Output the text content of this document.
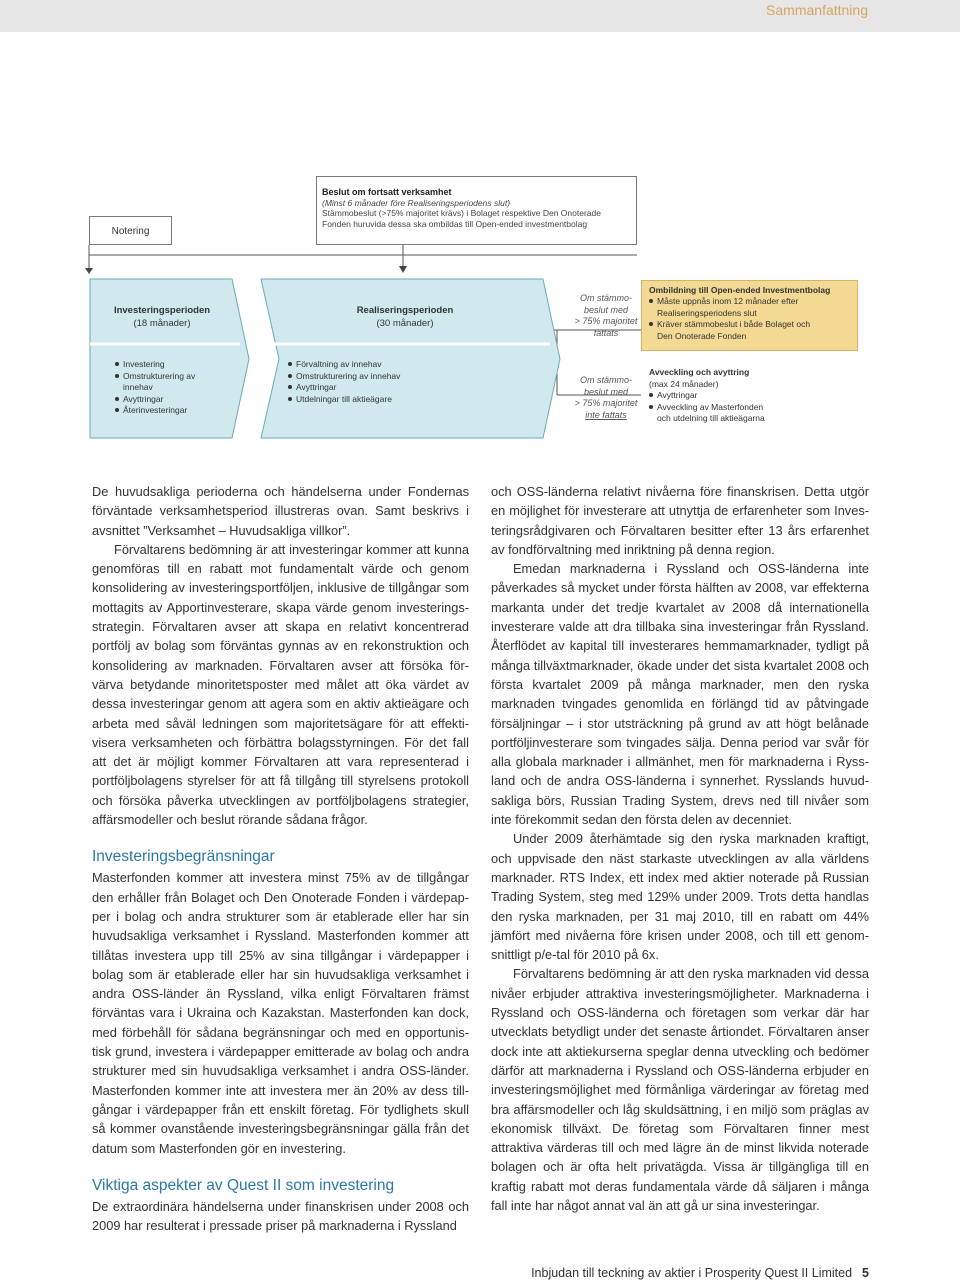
Sammanfattning
Notering
Beslut om fortsatt verksamhet
(Minst 6 månader före Realiseringsperiodens slut)
Stämmobeslut (>75% majoritet krävs) i Bolaget respektive Den Onoterade
Fonden huruvida dessa ska ombildas till Open-ended investmentbolag
Investeringsperioden
(18 månader)
Investering
Omstrukturering av
innehav
Avyttringar
Återinvesteringar
Realiseringsperioden
(30 månader)
Förvaltning av innehav
Omstrukturering av innehav
Avyttringar
Utdelningar till aktieägare
Om stämmo-
beslut med
> 75% majoritet
fattats
Om stämmo-
beslut med
> 75% majoritet
inte fattats
Ombildning till Open-ended Investmentbolag
Måste uppnås inom 12 månader efter
Realiseringsperiodens slut
Kräver stämmobeslut i både Bolaget och
Den Onoterade Fonden
Avveckling och avyttring
(max 24 månader)
Avyttringar
Avveckling av Masterfonden
och utdelning till aktieägarna

De huvudsakliga perioderna och händelserna under Fondernas förväntade verksamhetsperiod illustreras ovan. Samt beskrivs i avsnittet ”Verksamhet – Huvudsakliga villkor”.

Förvaltarens bedömning är att investeringar kommer att kunna genomföras till en rabatt mot fundamentalt värde och genom konsolidering av investeringsportföljen, inklusive de tillgångar som mottagits av Apportinvesterare, skapa värde genom investeringsstrategin. Förvaltaren avser att skapa en relativt koncentrerad portfölj av bolag som förväntas gynnas av en rekonstruktion och konsolidering av marknaden. Förvaltaren avser att försöka förvärva betydande minoritetsposter med målet att öka värdet av dessa investeringar genom att agera som en aktiv aktieägare och arbeta med såväl ledningen som majoritetsägare för att effektivisera verksamheten och förbättra bolagsstyrningen. För det fall att det är möjligt kommer Förvaltaren att vara representerad i portföljbolagens styrelser för att få tillgång till styrelsens protokoll och försöka påverka utvecklingen av portföljbolagens strategier, affärsmodeller och beslut rörande sådana frågor.

Investeringsbegränsningar

Masterfonden kommer att investera minst 75% av de tillgångar den erhåller från Bolaget och Den Onoterade Fonden i värdepapper i bolag och andra strukturer som är etablerade eller har sin huvudsakliga verksamhet i Ryssland. Masterfonden kommer att tillåtas investera upp till 25% av sina tillgångar i värdepapper i bolag som är etablerade eller har sin huvudsakliga verksamhet i andra OSS-länder än Ryssland, vilka enligt Förvaltaren främst förväntas vara i Ukraina och Kazakstan. Masterfonden kan dock, med förbehåll för sådana begränsningar och med en opportunistisk grund, investera i värdepapper emitterade av bolag och andra strukturer med sin huvudsakliga verksamhet i andra OSS-länder. Masterfonden kommer inte att investera mer än 20% av dess tillgångar i värdepapper från ett enskilt företag. För tydlighets skull så kommer ovanstående investeringsbegränsningar gälla från det datum som Masterfonden gör en investering.

Viktiga aspekter av Quest II som investering

De extraordinära händelserna under finanskrisen under 2008 och 2009 har resulterat i pressade priser på marknaderna i Ryssland

och OSS-länderna relativt nivåerna före finanskrisen. Detta utgör en möjlighet för investerare att utnyttja de erfarenheter som Investeringsrådgivaren och Förvaltaren besitter efter 13 års erfarenhet av fondförvaltning med inriktning på denna region.

Emedan marknaderna i Ryssland och OSS-länderna inte påverkades så mycket under första hälften av 2008, var effekterna markanta under det tredje kvartalet av 2008 då internationella investerare valde att dra tillbaka sina investeringar från Ryssland. Återflödet av kapital till investerares hemmamarknader, tydligt på många tillväxtmarknader, ökade under det sista kvartalet 2008 och första kvartalet 2009 på många marknader, men den ryska marknaden tvingades genomlida en förlängd tid av påtvingade försäljningar – i stor utsträckning på grund av att högt belånade portföljinvesterare som tvingades sälja. Denna period var svår för alla globala marknader i allmänhet, men för marknaderna i Ryssland och de andra OSS-länderna i synnerhet. Rysslands huvudsakliga börs, Russian Trading System, drevs ned till nivåer som inte förekommit sedan den första delen av decenniet.

Under 2009 återhämtade sig den ryska marknaden kraftigt, och uppvisade den näst starkaste utvecklingen av alla världens marknader. RTS Index, ett index med aktier noterade på Russian Trading System, steg med 129% under 2009. Trots detta handlas den ryska marknaden, per 31 maj 2010, till en rabatt om 44% jämfört med nivåerna före krisen under 2008, och till ett genomsnittligt p/e-tal för 2010 på 6x.

Förvaltarens bedömning är att den ryska marknaden vid dessa nivåer erbjuder attraktiva investeringsmöjligheter. Marknaderna i Ryssland och OSS-länderna och företagen som verkar där har utvecklats betydligt under det senaste årtiondet. Förvaltaren anser dock inte att aktiekurserna speglar denna utveckling och bedömer därför att marknaderna i Ryssland och OSS-länderna erbjuder en investeringsmöjlighet med förmånliga värderingar av företag med bra affärsmodeller och låg skuldsättning, i en miljö som präglas av ekonomisk tillväxt. De företag som Förvaltaren finner mest attraktiva värderas till och med lägre än de minst likvida noterade bolagen och är ofta helt privatägda. Vissa är tillgängliga till en kraftig rabatt mot deras fundamentala värde då säljaren i många fall inte har något annat val än att gå ur sina investeringar.

Inbjudan till teckning av aktier i Prosperity Quest II Limited 5
